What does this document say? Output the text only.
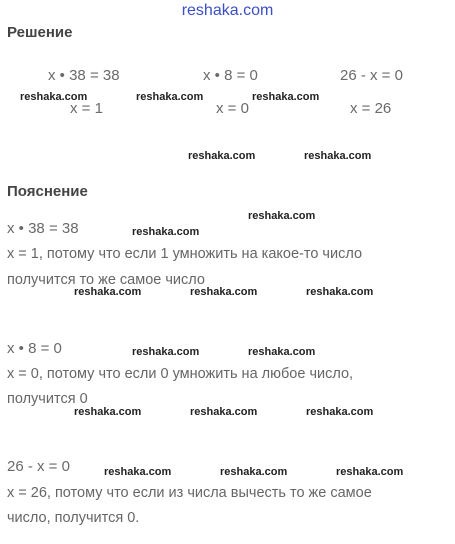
reshaka.com
Решение
x • 38 = 38	x • 8 = 0	26 - x = 0
x = 1	x = 0	x = 26
Пояснение
x • 38 = 38
x = 1, потому что если 1 умножить на какое-то число
получится то же самое число
x • 8 = 0
x = 0, потому что если 0 умножить на любое число,
получится 0
26 - x = 0
x = 26, потому что если из числа вычесть то же самое
число, получится 0.
reshaka.com	reshaka.com	reshaka.com
reshaka.com	reshaka.com
reshaka.com
reshaka.com
reshaka.com	reshaka.com	reshaka.com
reshaka.com	reshaka.com
reshaka.com	reshaka.com	reshaka.com
reshaka.com	reshaka.com	reshaka.com
